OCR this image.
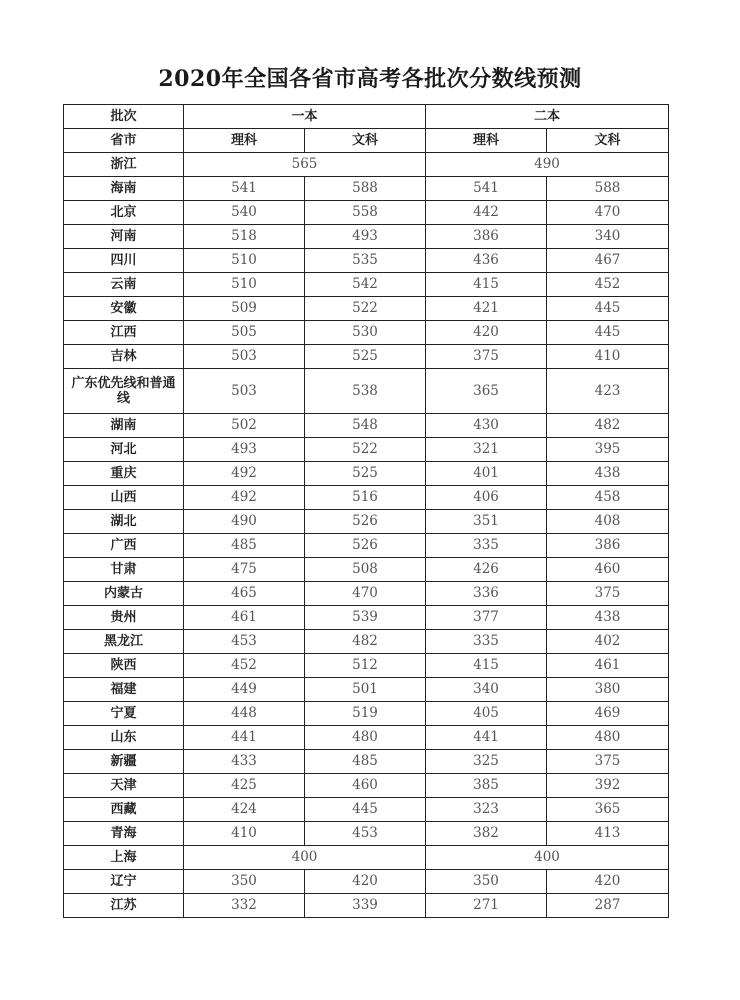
2020年全国各省市高考各批次分数线预测
批次	一本		二本	
省市	理科	文科	理科	文科
浙江	565		490	
海南	541	588	541	588
北京	540	558	442	470
河南	518	493	386	340
四川	510	535	436	467
云南	510	542	415	452
安徽	509	522	421	445
江西	505	530	420	445
吉林	503	525	375	410
广东优先线和普通线	503	538	365	423
湖南	502	548	430	482
河北	493	522	321	395
重庆	492	525	401	438
山西	492	516	406	458
湖北	490	526	351	408
广西	485	526	335	386
甘肃	475	508	426	460
内蒙古	465	470	336	375
贵州	461	539	377	438
黑龙江	453	482	335	402
陕西	452	512	415	461
福建	449	501	340	380
宁夏	448	519	405	469
山东	441	480	441	480
新疆	433	485	325	375
天津	425	460	385	392
西藏	424	445	323	365
青海	410	453	382	413
上海	400		400	
辽宁	350	420	350	420
江苏	332	339	271	287
